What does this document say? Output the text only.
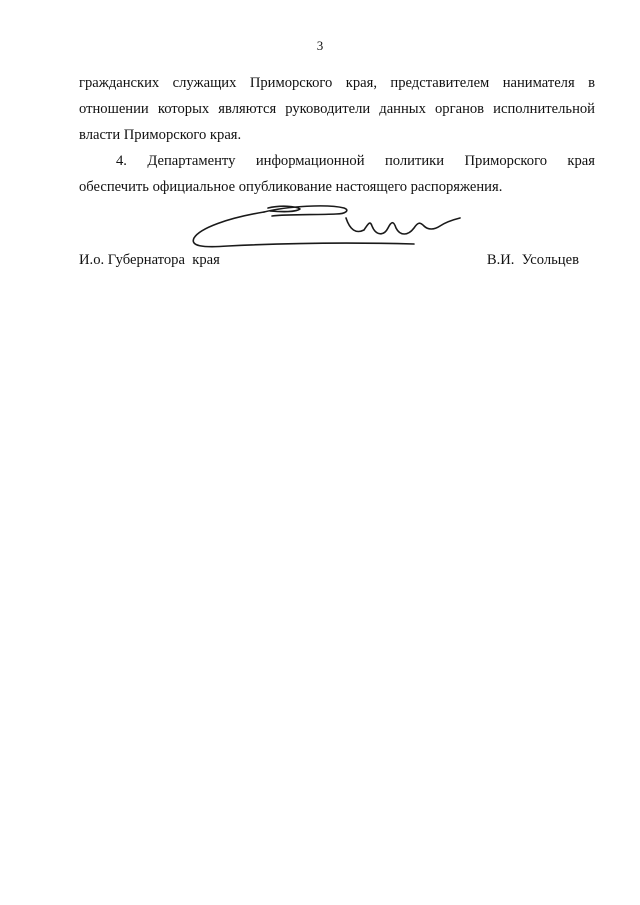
3

гражданских служащих Приморского края, представителем нанимателя в
отношении которых являются руководители данных органов исполнительной
власти Приморского края.

4. Департаменту информационной политики Приморского края
обеспечить официальное опубликование настоящего распоряжения.

И.о. Губернатора  края	В.И.  Усольцев
